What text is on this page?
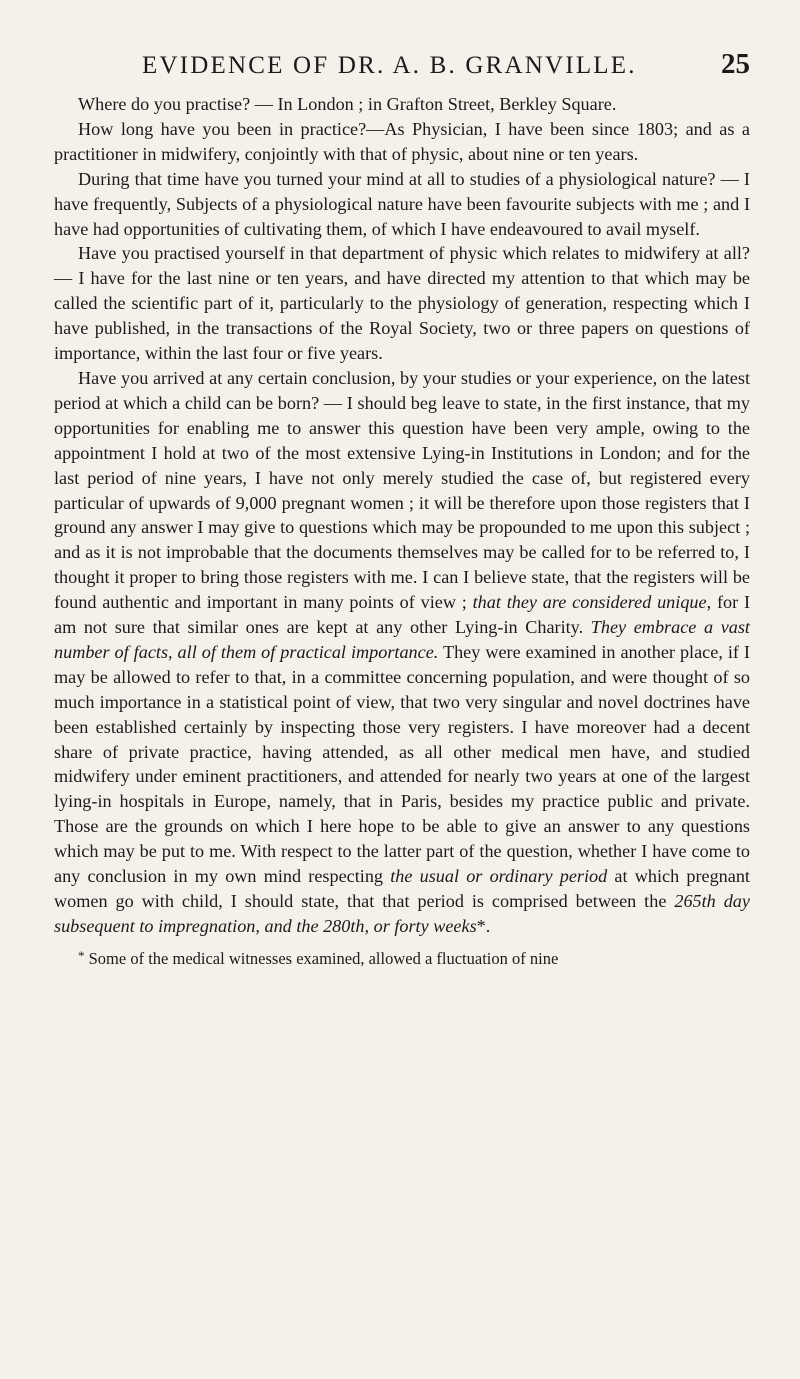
EVIDENCE OF DR. A. B. GRANVILLE.	25

Where do you practise? — In London ; in Grafton Street, Berkley Square.

How long have you been in practice?—As Physician, I have been since 1803; and as a practitioner in midwifery, conjointly with that of physic, about nine or ten years.

During that time have you turned your mind at all to studies of a physiological nature? — I have frequently, Subjects of a physiological nature have been favourite subjects with me ; and I have had opportunities of cultivating them, of which I have endeavoured to avail myself.

Have you practised yourself in that department of physic which relates to midwifery at all? — I have for the last nine or ten years, and have directed my attention to that which may be called the scientific part of it, particularly to the physiology of generation, respecting which I have published, in the transactions of the Royal Society, two or three papers on questions of importance, within the last four or five years.

Have you arrived at any certain conclusion, by your studies or your experience, on the latest period at which a child can be born? — I should beg leave to state, in the first instance, that my opportunities for enabling me to answer this question have been very ample, owing to the appointment I hold at two of the most extensive Lying-in Institutions in London; and for the last period of nine years, I have not only merely studied the case of, but registered every particular of upwards of 9,000 pregnant women ; it will be therefore upon those registers that I ground any answer I may give to questions which may be propounded to me upon this subject ; and as it is not improbable that the documents themselves may be called for to be referred to, I thought it proper to bring those registers with me. I can I believe state, that the registers will be found authentic and important in many points of view ; that they are considered unique, for I am not sure that similar ones are kept at any other Lying-in Charity. They embrace a vast number of facts, all of them of practical importance. They were examined in another place, if I may be allowed to refer to that, in a committee concerning population, and were thought of so much importance in a statistical point of view, that two very singular and novel doctrines have been established certainly by inspecting those very registers. I have moreover had a decent share of private practice, having attended, as all other medical men have, and studied midwifery under eminent practitioners, and attended for nearly two years at one of the largest lying-in hospitals in Europe, namely, that in Paris, besides my practice public and private. Those are the grounds on which I here hope to be able to give an answer to any questions which may be put to me. With respect to the latter part of the question, whether I have come to any conclusion in my own mind respecting the usual or ordinary period at which pregnant women go with child, I should state, that that period is comprised between the 265th day subsequent to impregnation, and the 280th, or forty weeks*.

* Some of the medical witnesses examined, allowed a fluctuation of nine
